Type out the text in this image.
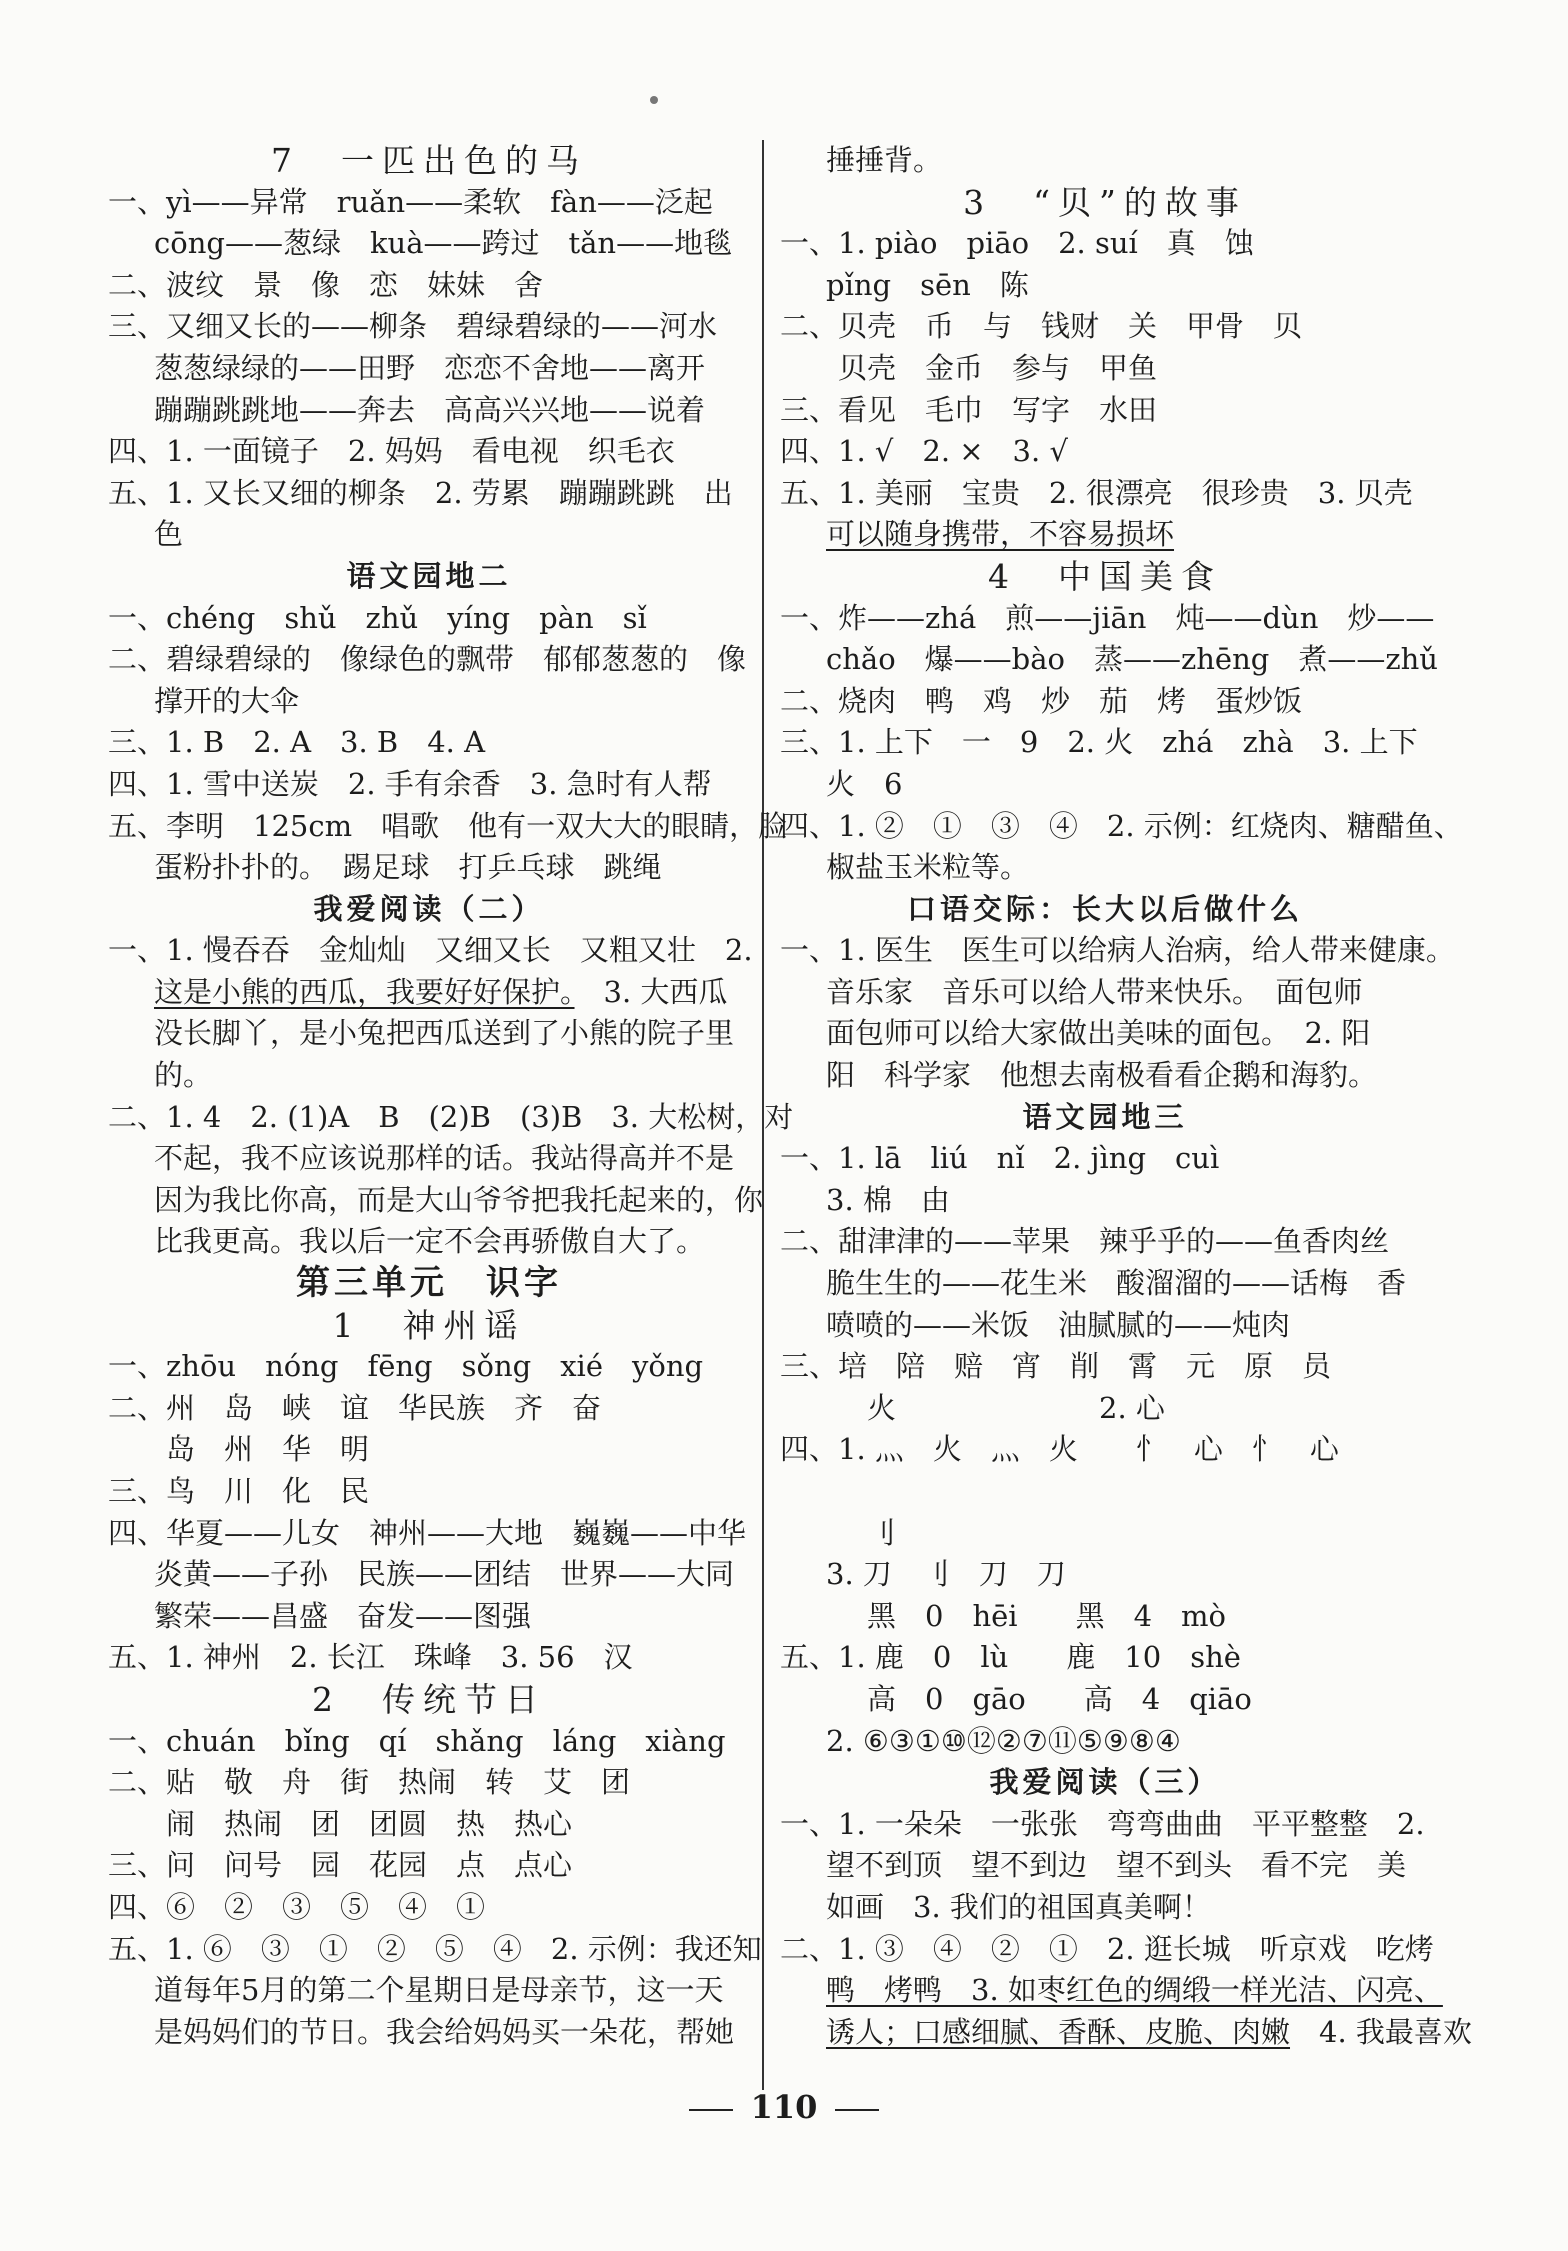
7　一匹出色的马
一、yì——异常　ruǎn——柔软　fàn——泛起
cōng——葱绿　kuà——跨过　tǎn——地毯
二、波纹　景　像　恋　妹妹　舍
三、又细又长的——柳条　碧绿碧绿的——河水
葱葱绿绿的——田野　恋恋不舍地——离开
蹦蹦跳跳地——奔去　高高兴兴地——说着
四、1. 一面镜子　2. 妈妈　看电视　织毛衣
五、1. 又长又细的柳条　2. 劳累　蹦蹦跳跳　出
色
语文园地二
一、chéng　shǔ　zhǔ　yíng　pàn　sǐ
二、碧绿碧绿的　像绿色的飘带　郁郁葱葱的　像
撑开的大伞
三、1. B　2. A　3. B　4. A
四、1. 雪中送炭　2. 手有余香　3. 急时有人帮
五、李明　125cm　唱歌　他有一双大大的眼睛，脸
蛋粉扑扑的。　踢足球　打乒乓球　跳绳
我爱阅读（二）
一、1. 慢吞吞　金灿灿　又细又长　又粗又壮　2.
这是小熊的西瓜，我要好好保护。　3. 大西瓜
没长脚丫，是小兔把西瓜送到了小熊的院子里
的。
二、1. 4　2. (1)A　B　(2)B　(3)B　3. 大松树，对
不起，我不应该说那样的话。我站得高并不是
因为我比你高，而是大山爷爷把我托起来的，你
比我更高。我以后一定不会再骄傲自大了。
第三单元　识字
1　神州谣
一、zhōu　nóng　fēng　sǒng　xié　yǒng
二、州　岛　峡　谊　华民族　齐　奋
　　岛　州　华　明
三、鸟　川　化　民
四、华夏——儿女　神州——大地　巍巍——中华
炎黄——子孙　民族——团结　世界——大同
繁荣——昌盛　奋发——图强
五、1. 神州　2. 长江　珠峰　3. 56　汉
2　传统节日
一、chuán　bǐng　qí　shǎng　láng　xiàng
二、贴　敬　舟　街　热闹　转　艾　团
　　闹　热闹　团　团圆　热　热心
三、问　问号　园　花园　点　点心
四、⑥　②　③　⑤　④　①
五、1. ⑥　③　①　②　⑤　④　2. 示例：我还知
道每年5月的第二个星期日是母亲节，这一天
是妈妈们的节日。我会给妈妈买一朵花，帮她
捶捶背。
3　“贝”的故事
一、1. piào　piāo　2. suí　真　蚀
pǐng　sēn　陈
二、贝壳　币　与　钱财　关　甲骨　贝
　　贝壳　金币　参与　甲鱼
三、看见　毛巾　写字　水田
四、1. √　2. ×　3. √
五、1. 美丽　宝贵　2. 很漂亮　很珍贵　3. 贝壳
可以随身携带，不容易损坏
4　中国美食
一、炸——zhá　煎——jiān　炖——dùn　炒——
chǎo　爆——bào　蒸——zhēng　煮——zhǔ
二、烧肉　鸭　鸡　炒　茄　烤　蛋炒饭
三、1. 上下　一　9　2. 火　zhá　zhà　3. 上下
火　6
四、1. ②　①　③　④　2. 示例：红烧肉、糖醋鱼、
椒盐玉米粒等。
口语交际：长大以后做什么
一、1. 医生　医生可以给病人治病，给人带来健康。
音乐家　音乐可以给人带来快乐。　面包师
面包师可以给大家做出美味的面包。　2. 阳
阳　科学家　他想去南极看看企鹅和海豹。
语文园地三
一、1. lā　liú　nǐ　2. jìng　cuì
3. 棉　由
二、甜津津的——苹果　辣乎乎的——鱼香肉丝
脆生生的——花生米　酸溜溜的——话梅　香
喷喷的——米饭　油腻腻的——炖肉
三、培　陪　赔　宵　削　霄　元　原　员
　　　火　　　　　　　2. 心
四、1. 灬　火　灬　火　　忄　心　忄　心

　　　刂
3. 刀　刂　刀　刀
　　　黑　0　hēi　　黑　4　mò
五、1. 鹿　0　lù　　鹿　10　shè
　　　高　0　gāo　　高　4　qiāo
2. ⑥③①⑩⑫②⑦⑪⑤⑨⑧④
我爱阅读（三）
一、1. 一朵朵　一张张　弯弯曲曲　平平整整　2.
望不到顶　望不到边　望不到头　看不完　美
如画　3. 我们的祖国真美啊！
二、1. ③　④　②　①　2. 逛长城　听京戏　吃烤
鸭　烤鸭　3. 如枣红色的绸缎一样光洁、闪亮、
诱人；口感细腻、香酥、皮脆、肉嫩　4. 我最喜欢
110
